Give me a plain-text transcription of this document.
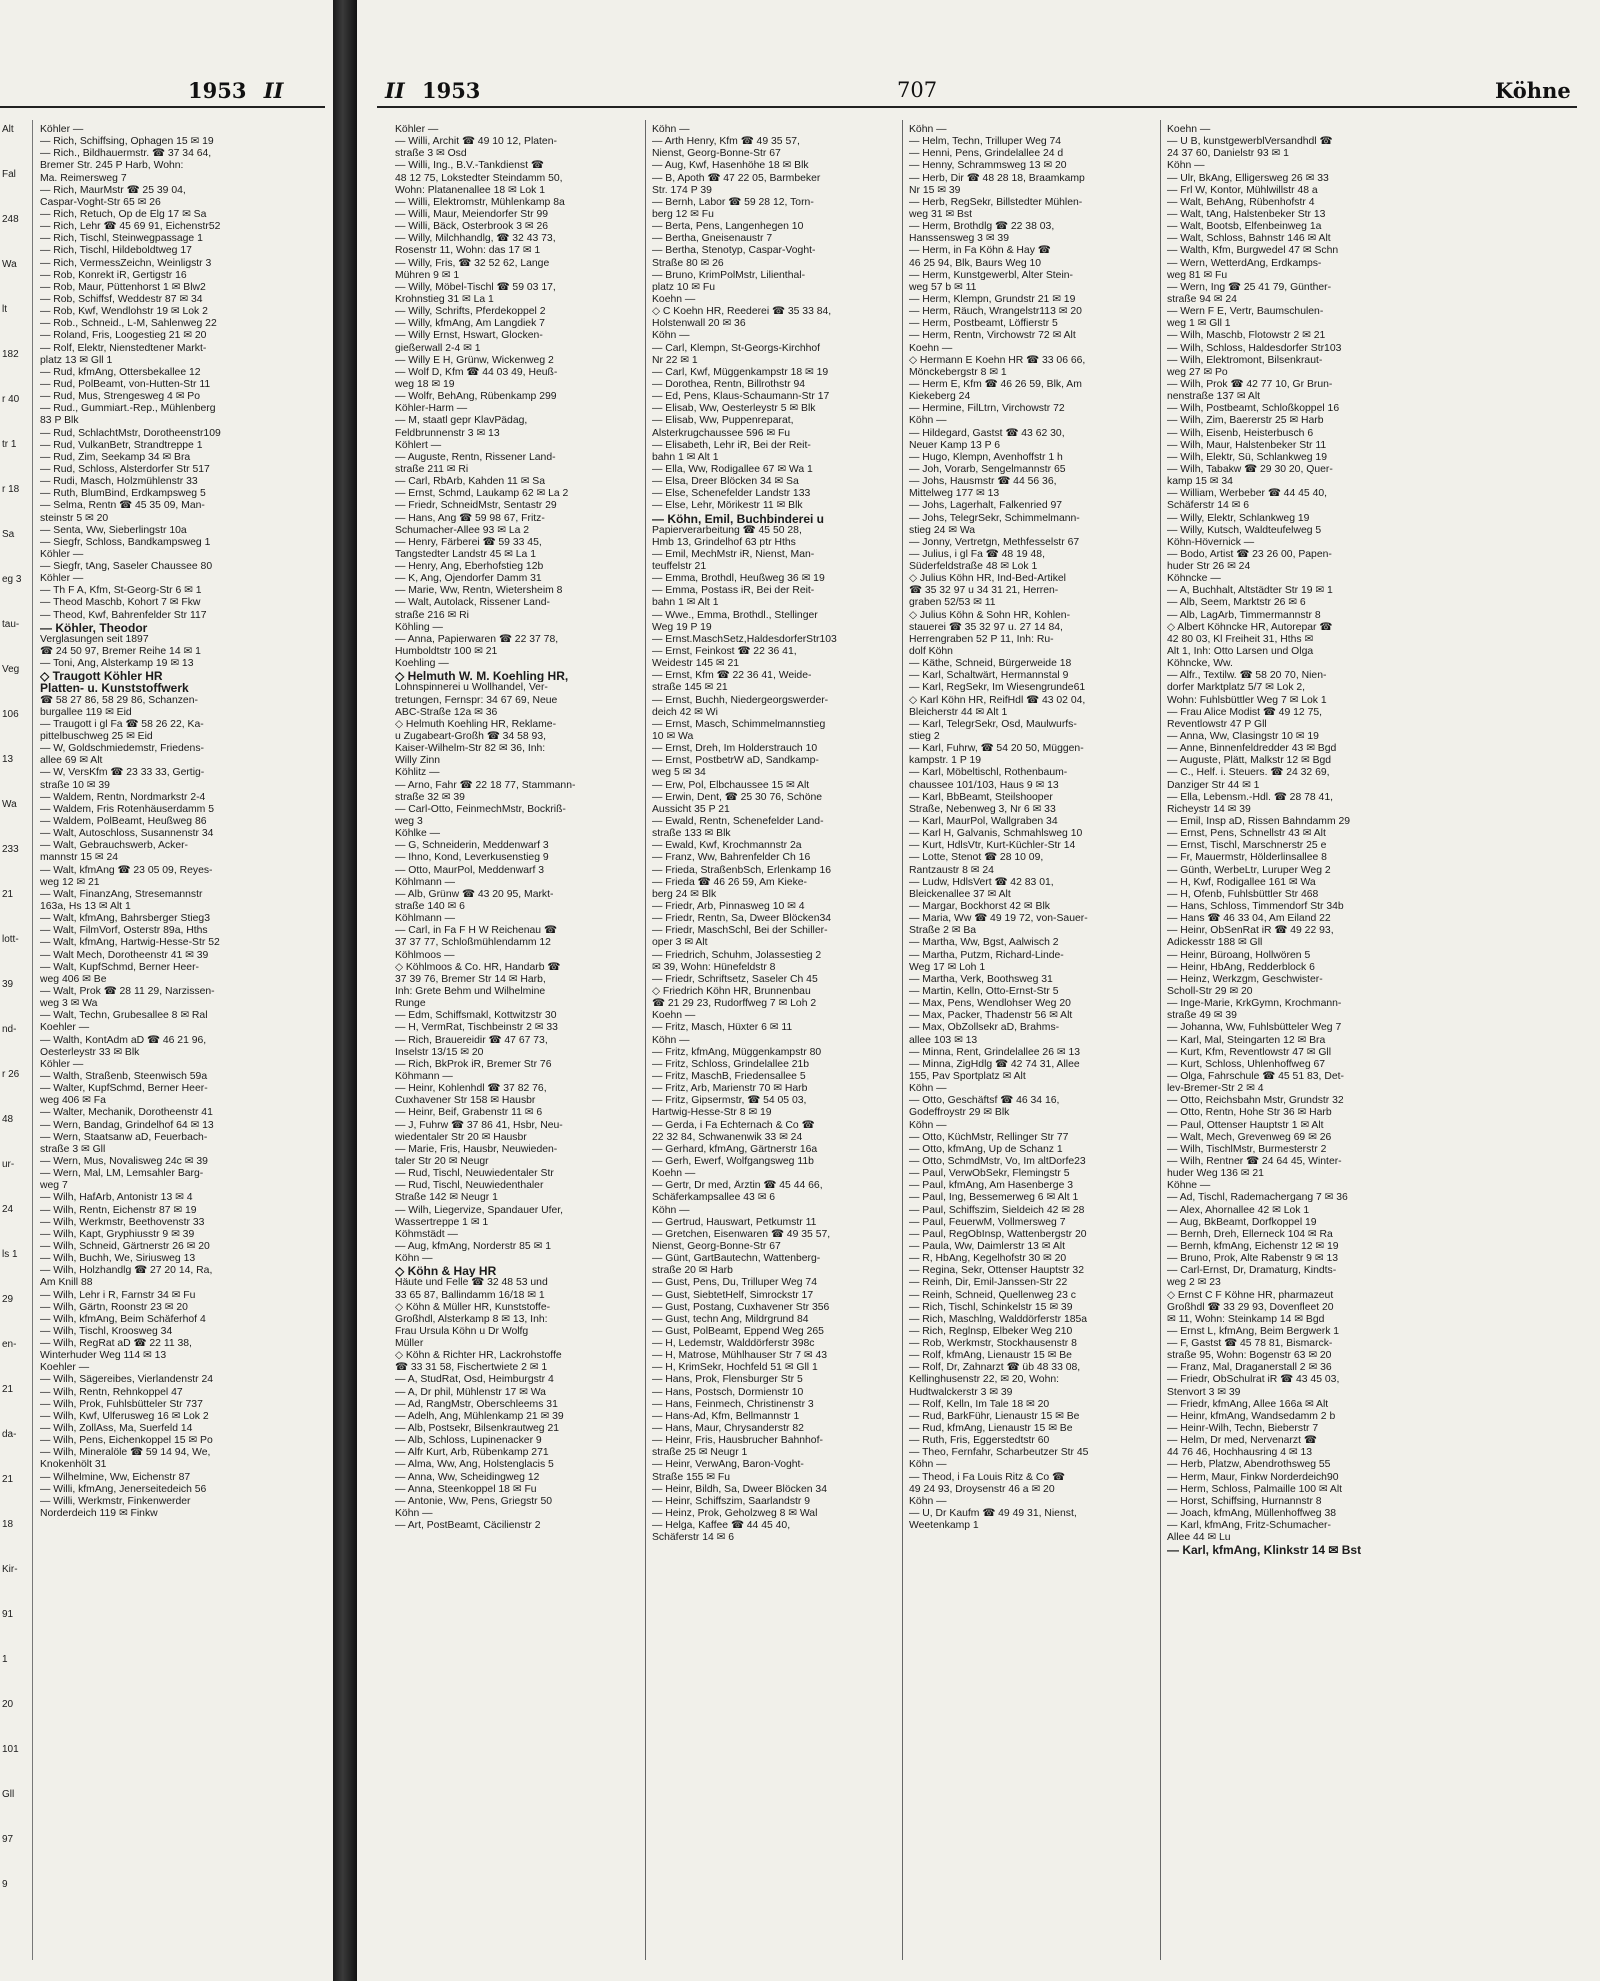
1953 II
Alt
Fal
248
Wa
lt
182
r 40
tr 1
r 18
Sa
eg 3
tau-
Veg
106
13
Wa
233
21
lott-
39
nd-
r 26
48
ur-
24
ls 1
29
en-
21
da-
21
18
Kir-
91
1
20
101
Gll
97
9
Köhler —
— Rich, Schiffsing, Ophagen 15 ✉ 19
— Rich., Bildhauermstr. ☎ 37 34 64,
Bremer Str. 245 P Harb, Wohn:
Ma. Reimersweg 7
— Rich, MaurMstr ☎ 25 39 04,
Caspar-Voght-Str 65 ✉ 26
— Rich, Retuch, Op de Elg 17 ✉ Sa
— Rich, Lehr ☎ 45 69 91, Eichenstr52
— Rich, Tischl, Steinwegpassage 1
— Rich, Tischl, Hildeboldtweg 17
— Rich, VermessZeichn, Weinligstr 3
— Rob, Konrekt iR, Gertigstr 16
— Rob, Maur, Püttenhorst 1 ✉ Blw2
— Rob, Schiffsf, Weddestr 87 ✉ 34
— Rob, Kwf, Wendlohstr 19 ✉ Lok 2
— Rob., Schneid., L-M, Sahlenweg 22
— Roland, Fris, Loogestieg 21 ✉ 20
— Rolf, Elektr, Nienstedtener Markt-
platz 13 ✉ Gll 1
— Rud, kfmAng, Ottersbekallee 12
— Rud, PolBeamt, von-Hutten-Str 11
— Rud, Mus, Strengesweg 4 ✉ Po
— Rud., Gummiart.-Rep., Mühlenberg
83 P Blk
— Rud, SchlachtMstr, Dorotheenstr109
— Rud, VulkanBetr, Strandtreppe 1
— Rud, Zim, Seekamp 34 ✉ Bra
— Rud, Schloss, Alsterdorfer Str 517
— Rudi, Masch, Holzmühlenstr 33
— Ruth, BlumBind, Erdkampsweg 5
— Selma, Rentn ☎ 45 35 09, Man-
steinstr 5 ✉ 20
— Senta, Ww, Sieberlingstr 10a
— Siegfr, Schloss, Bandkampsweg 1
Köhler —
— Siegfr, tAng, Saseler Chaussee 80
Köhler —
— Th F A, Kfm, St-Georg-Str 6 ✉ 1
— Theod Maschb, Kohort 7 ✉ Fkw
— Theod, Kwf, Bahrenfelder Str 117
— Köhler, Theodor
Verglasungen seit 1897
☎ 24 50 97, Bremer Reihe 14 ✉ 1
— Toni, Ang, Alsterkamp 19 ✉ 13
◇ Traugott Köhler HR
Platten- u. Kunststoffwerk
☎ 58 27 86, 58 29 86, Schanzen-
burgallee 119 ✉ Eid
— Traugott i gl Fa ☎ 58 26 22, Ka-
pittelbuschweg 25 ✉ Eid
— W, Goldschmiedemstr, Friedens-
allee 69 ✉ Alt
— W, VersKfm ☎ 23 33 33, Gertig-
straße 10 ✉ 39
— Waldem, Rentn, Nordmarkstr 2-4
— Waldem, Fris Rotenhäuserdamm 5
— Waldem, PolBeamt, Heußweg 86
— Walt, Autoschloss, Susannenstr 34
— Walt, Gebrauchswerb, Acker-
mannstr 15 ✉ 24
— Walt, kfmAng ☎ 23 05 09, Reyes-
weg 12 ✉ 21
— Walt, FinanzAng, Stresemannstr
163a, Hs 13 ✉ Alt 1
— Walt, kfmAng, Bahrsberger Stieg3
— Walt, FilmVorf, Osterstr 89a, Hths
— Walt, kfmAng, Hartwig-Hesse-Str 52
— Walt Mech, Dorotheenstr 41 ✉ 39
— Walt, KupfSchmd, Berner Heer-
weg 406 ✉ Be
— Walt, Prok ☎ 28 11 29, Narzissen-
weg 3 ✉ Wa
— Walt, Techn, Grubesallee 8 ✉ Ral
Koehler —
— Walth, KontAdm aD ☎ 46 21 96,
Oesterleystr 33 ✉ Blk
Köhler —
— Walth, Straßenb, Steenwisch 59a
— Walter, KupfSchmd, Berner Heer-
weg 406 ✉ Fa
— Walter, Mechanik, Dorotheenstr 41
— Wern, Bandag, Grindelhof 64 ✉ 13
— Wern, Staatsanw aD, Feuerbach-
straße 3 ✉ Gll
— Wern, Mus, Novalisweg 24c ✉ 39
— Wern, Mal, LM, Lemsahler Barg-
weg 7
— Wilh, HafArb, Antonistr 13 ✉ 4
— Wilh, Rentn, Eichenstr 87 ✉ 19
— Wilh, Werkmstr, Beethovenstr 33
— Wilh, Kapt, Gryphiusstr 9 ✉ 39
— Wilh, Schneid, Gärtnerstr 26 ✉ 20
— Wilh, Buchh, We, Siriusweg 13
— Wilh, Holzhandlg ☎ 27 20 14, Ra,
Am Knill 88
— Wilh, Lehr i R, Farnstr 34 ✉ Fu
— Wilh, Gärtn, Roonstr 23 ✉ 20
— Wilh, kfmAng, Beim Schäferhof 4
— Wilh, Tischl, Kroosweg 34
— Wilh, RegRat aD ☎ 22 11 38,
Winterhuder Weg 114 ✉ 13
Koehler —
— Wilh, Sägereibes, Vierlandenstr 24
— Wilh, Rentn, Rehnkoppel 47
— Wilh, Prok, Fuhlsbütteler Str 737
— Wilh, Kwf, Ulferusweg 16 ✉ Lok 2
— Wilh, ZollAss, Ma, Suerfeld 14
— Wilh, Pens, Eichenkoppel 15 ✉ Po
— Wilh, Mineralöle ☎ 59 14 94, We,
Knokenhölt 31
— Wilhelmine, Ww, Eichenstr 87
— Willi, kfmAng, Jenerseitedeich 56
— Willi, Werkmstr, Finkenwerder
Norderdeich 119 ✉ Finkw
II 1953	707	Köhne
Köhler —
— Willi, Archit ☎ 49 10 12, Platen-
straße 3 ✉ Osd
— Willi, Ing., B.V.-Tankdienst ☎
48 12 75, Lokstedter Steindamm 50,
Wohn: Platanenallee 18 ✉ Lok 1
— Willi, Elektromstr, Mühlenkamp 8a
— Willi, Maur, Meiendorfer Str 99
— Willi, Bäck, Osterbrook 3 ✉ 26
— Willy, Milchhandlg, ☎ 32 43 73,
Rosenstr 11, Wohn: das 17 ✉ 1
— Willy, Fris, ☎ 32 52 62, Lange
Mühren 9 ✉ 1
— Willy, Möbel-Tischl ☎ 59 03 17,
Krohnstieg 31 ✉ La 1
— Willy, Schrifts, Pferdekoppel 2
— Willy, kfmAng, Am Langdiek 7
— Willy Ernst, Hswart, Glocken-
gießerwall 2-4 ✉ 1
— Willy E H, Grünw, Wickenweg 2
— Wolf D, Kfm ☎ 44 03 49, Heuß-
weg 18 ✉ 19
— Wolfr, BehAng, Rübenkamp 299
Köhler-Harm —
— M, staatl gepr KlavPädag,
Feldbrunnenstr 3 ✉ 13
Köhlert —
— Auguste, Rentn, Rissener Land-
straße 211 ✉ Ri
— Carl, RbArb, Kahden 11 ✉ Sa
— Ernst, Schmd, Laukamp 62 ✉ La 2
— Friedr, SchneidMstr, Sentastr 29
— Hans, Ang ☎ 59 98 67, Fritz-
Schumacher-Allee 93 ✉ La 2
— Henry, Färberei ☎ 59 33 45,
Tangstedter Landstr 45 ✉ La 1
— Henry, Ang, Eberhofstieg 12b
— K, Ang, Ojendorfer Damm 31
— Marie, Ww, Rentn, Wietersheim 8
— Walt, Autolack, Rissener Land-
straße 216 ✉ Ri
Köhling —
— Anna, Papierwaren ☎ 22 37 78,
Humboldtstr 100 ✉ 21
Koehling —
◇ Helmuth W. M. Koehling HR,
Lohnspinnerei u Wollhandel, Ver-
tretungen, Fernspr: 34 67 69, Neue
ABC-Straße 12a ✉ 36
◇ Helmuth Koehling HR, Reklame-
u Zugabeart-Großh ☎ 34 58 93,
Kaiser-Wilhelm-Str 82 ✉ 36, Inh:
Willy Zinn
Köhlitz —
— Arno, Fahr ☎ 22 18 77, Stammann-
straße 32 ✉ 39
— Carl-Otto, FeinmechMstr, Bockriß-
weg 3
Köhlke —
— G, Schneiderin, Meddenwarf 3
— Ihno, Kond, Leverkusenstieg 9
— Otto, MaurPol, Meddenwarf 3
Köhlmann —
— Alb, Grünw ☎ 43 20 95, Markt-
straße 140 ✉ 6
Köhlmann —
— Carl, in Fa F H W Reichenau ☎
37 37 77, Schloßmühlendamm 12
Köhlmoos —
◇ Köhlmoos & Co. HR, Handarb ☎
37 39 76, Bremer Str 14 ✉ Harb,
Inh: Grete Behm und Wilhelmine
Runge
— Edm, Schiffsmakl, Kottwitzstr 30
— H, VermRat, Tischbeinstr 2 ✉ 33
— Rich, Brauereidir ☎ 47 67 73,
Inselstr 13/15 ✉ 20
— Rich, BkProk iR, Bremer Str 76
Köhmann —
— Heinr, Kohlenhdl ☎ 37 82 76,
Cuxhavener Str 158 ✉ Hausbr
— Heinr, Beif, Grabenstr 11 ✉ 6
— J, Fuhrw ☎ 37 86 41, Hsbr, Neu-
wiedentaler Str 20 ✉ Hausbr
— Marie, Fris, Hausbr, Neuwieden-
taler Str 20 ✉ Neugr
— Rud, Tischl, Neuwiedentaler Str
— Rud, Tischl, Neuwiedenthaler
Straße 142 ✉ Neugr 1
— Wilh, Liegervize, Spandauer Ufer,
Wassertreppe 1 ✉ 1
Köhmstädt —
— Aug, kfmAng, Norderstr 85 ✉ 1
Köhn —
◇ Köhn & Hay HR
Häute und Felle ☎ 32 48 53 und
33 65 87, Ballindamm 16/18 ✉ 1
◇ Köhn & Müller HR, Kunststoffe-
Großhdl, Alsterkamp 8 ✉ 13, Inh:
Frau Ursula Köhn u Dr Wolfg
Müller
◇ Köhn & Richter HR, Lackrohstoffe
☎ 33 31 58, Fischertwiete 2 ✉ 1
— A, StudRat, Osd, Heimburgstr 4
— A, Dr phil, Mühlenstr 17 ✉ Wa
— Ad, RangMstr, Oberschleems 31
— Adelh, Ang, Mühlenkamp 21 ✉ 39
— Alb, Postsekr, Bilsenkrautweg 21
— Alb, Schloss, Lupinenacker 9
— Alfr Kurt, Arb, Rübenkamp 271
— Alma, Ww, Ang, Holstenglacis 5
— Anna, Ww, Scheidingweg 12
— Anna, Steenkoppel 18 ✉ Fu
— Antonie, Ww, Pens, Griegstr 50
Köhn —
— Art, PostBeamt, Cäcilienstr 2
Köhn —
— Arth Henry, Kfm ☎ 49 35 57,
Nienst, Georg-Bonne-Str 67
— Aug, Kwf, Hasenhöhe 18 ✉ Blk
— B, Apoth ☎ 47 22 05, Barmbeker
Str. 174 P 39
— Bernh, Labor ☎ 59 28 12, Torn-
berg 12 ✉ Fu
— Berta, Pens, Langenhegen 10
— Bertha, Gneisenaustr 7
— Bertha, Stenotyp, Caspar-Voght-
Straße 80 ✉ 26
— Bruno, KrimPolMstr, Lilienthal-
platz 10 ✉ Fu
Koehn —
◇ C Koehn HR, Reederei ☎ 35 33 84,
Holstenwall 20 ✉ 36
Köhn —
— Carl, Klempn, St-Georgs-Kirchhof
Nr 22 ✉ 1
— Carl, Kwf, Müggenkampstr 18 ✉ 19
— Dorothea, Rentn, Billrothstr 94
— Ed, Pens, Klaus-Schaumann-Str 17
— Elisab, Ww, Oesterleystr 5 ✉ Blk
— Elisab, Ww, Puppenreparat,
Alsterkrugchaussee 596 ✉ Fu
— Elisabeth, Lehr iR, Bei der Reit-
bahn 1 ✉ Alt 1
— Ella, Ww, Rodigallee 67 ✉ Wa 1
— Elsa, Dreer Blöcken 34 ✉ Sa
— Else, Schenefelder Landstr 133
— Else, Lehr, Mörikestr 11 ✉ Blk
— Köhn, Emil, Buchbinderei u
Papierverarbeitung ☎ 45 50 28,
Hmb 13, Grindelhof 63 ptr Hths
— Emil, MechMstr iR, Nienst, Man-
teuffelstr 21
— Emma, Brothdl, Heußweg 36 ✉ 19
— Emma, Postass iR, Bei der Reit-
bahn 1 ✉ Alt 1
— Wwe., Emma, Brothdl., Stellinger
Weg 19 P 19
— Ernst.MaschSetz,HaldesdorferStr103
— Ernst, Feinkost ☎ 22 36 41,
Weidestr 145 ✉ 21
— Ernst, Kfm ☎ 22 36 41, Weide-
straße 145 ✉ 21
— Ernst, Buchh, Niedergeorgswerder-
deich 42 ✉ Wi
— Ernst, Masch, Schimmelmannstieg
10 ✉ Wa
— Ernst, Dreh, Im Holderstrauch 10
— Ernst, PostbetrW aD, Sandkamp-
weg 5 ✉ 34
— Erw, Pol, Elbchaussee 15 ✉ Alt
— Erwin, Dent, ☎ 25 30 76, Schöne
Aussicht 35 P 21
— Ewald, Rentn, Schenefelder Land-
straße 133 ✉ Blk
— Ewald, Kwf, Krochmannstr 2a
— Franz, Ww, Bahrenfelder Ch 16
— Frieda, StraßenbSch, Erlenkamp 16
— Frieda ☎ 46 26 59, Am Kieke-
berg 24 ✉ Blk
— Friedr, Arb, Pinnasweg 10 ✉ 4
— Friedr, Rentn, Sa, Dweer Blöcken34
— Friedr, MaschSchl, Bei der Schiller-
oper 3 ✉ Alt
— Friedrich, Schuhm, Jolassestieg 2
✉ 39, Wohn: Hünefeldstr 8
— Friedr, Schriftsetz, Saseler Ch 45
◇ Friedrich Köhn HR, Brunnenbau
☎ 21 29 23, Rudorffweg 7 ✉ Loh 2
Koehn —
— Fritz, Masch, Hüxter 6 ✉ 11
Köhn —
— Fritz, kfmAng, Müggenkampstr 80
— Fritz, Schloss, Grindelallee 21b
— Fritz, MaschB, Friedensallee 5
— Fritz, Arb, Marienstr 70 ✉ Harb
— Fritz, Gipsermstr, ☎ 54 05 03,
Hartwig-Hesse-Str 8 ✉ 19
— Gerda, i Fa Echternach & Co ☎
22 32 84, Schwanenwik 33 ✉ 24
— Gerhard, kfmAng, Gärtnerstr 16a
— Gerh, Ewerf, Wolfgangsweg 11b
Koehn —
— Gertr, Dr med, Ärztin ☎ 45 44 66,
Schäferkampsallee 43 ✉ 6
Köhn —
— Gertrud, Hauswart, Petkumstr 11
— Gretchen, Eisenwaren ☎ 49 35 57,
Nienst, Georg-Bonne-Str 67
— Günt, GartBautechn, Wattenberg-
straße 20 ✉ Harb
— Gust, Pens, Du, Trilluper Weg 74
— Gust, SiebtetHelf, Simrockstr 17
— Gust, Postang, Cuxhavener Str 356
— Gust, techn Ang, Mildrgrund 84
— Gust, PolBeamt, Eppend Weg 265
— H, Ledemstr, Walddörferstr 398c
— H, Matrose, Mühlhauser Str 7 ✉ 43
— H, KrimSekr, Hochfeld 51 ✉ Gll 1
— Hans, Prok, Flensburger Str 5
— Hans, Postsch, Dormienstr 10
— Hans, Feinmech, Christinenstr 3
— Hans-Ad, Kfm, Bellmannstr 1
— Hans, Maur, Chrysanderstr 82
— Heinr, Fris, Hausbrucher Bahnhof-
straße 25 ✉ Neugr 1
— Heinr, VerwAng, Baron-Voght-
Straße 155 ✉ Fu
— Heinr, Bildh, Sa, Dweer Blöcken 34
— Heinr, Schiffszim, Saarlandstr 9
— Heinz, Prok, Geholzweg 8 ✉ Wal
— Helga, Kaffee ☎ 44 45 40,
Schäferstr 14 ✉ 6
Köhn —
— Helm, Techn, Trilluper Weg 74
— Henni, Pens, Grindelallee 24 d
— Henny, Schrammsweg 13 ✉ 20
— Herb, Dir ☎ 48 28 18, Braamkamp
Nr 15 ✉ 39
— Herb, RegSekr, Billstedter Mühlen-
weg 31 ✉ Bst
— Herm, Brothdlg ☎ 22 38 03,
Hanssensweg 3 ✉ 39
— Herm, in Fa Köhn & Hay ☎
46 25 94, Blk, Baurs Weg 10
— Herm, Kunstgewerbl, Alter Stein-
weg 57 b ✉ 11
— Herm, Klempn, Grundstr 21 ✉ 19
— Herm, Räuch, Wrangelstr113 ✉ 20
— Herm, Postbeamt, Löffierstr 5
— Herm, Rentn, Virchowstr 72 ✉ Alt
Koehn —
◇ Hermann E Koehn HR ☎ 33 06 66,
Mönckebergstr 8 ✉ 1
— Herm E, Kfm ☎ 46 26 59, Blk, Am
Kiekeberg 24
— Hermine, FilLtrn, Virchowstr 72
Köhn —
— Hildegard, Gastst ☎ 43 62 30,
Neuer Kamp 13 P 6
— Hugo, Klempn, Avenhoffstr 1 h
— Joh, Vorarb, Sengelmannstr 65
— Johs, Hausmstr ☎ 44 56 36,
Mittelweg 177 ✉ 13
— Johs, Lagerhalt, Falkenried 97
— Johs, TelegrSekr, Schimmelmann-
stieg 24 ✉ Wa
— Jonny, Vertretgn, Methfesselstr 67
— Julius, i gl Fa ☎ 48 19 48,
Süderfeldstraße 48 ✉ Lok 1
◇ Julius Köhn HR, Ind-Bed-Artikel
☎ 35 32 97 u 34 31 21, Herren-
graben 52/53 ✉ 11
◇ Julius Köhn & Sohn HR, Kohlen-
stauerei ☎ 35 32 97 u. 27 14 84,
Herrengraben 52 P 11, Inh: Ru-
dolf Köhn
— Käthe, Schneid, Bürgerweide 18
— Karl, Schaltwärt, Hermannstal 9
— Karl, RegSekr, Im Wiesengrunde61
◇ Karl Köhn HR, ReifHdl ☎ 43 02 04,
Bleicherstr 44 ✉ Alt 1
— Karl, TelegrSekr, Osd, Maulwurfs-
stieg 2
— Karl, Fuhrw, ☎ 54 20 50, Müggen-
kampstr. 1 P 19
— Karl, Möbeltischl, Rothenbaum-
chaussee 101/103, Haus 9 ✉ 13
— Karl, BbBeamt, Steilshooper
Straße, Nebenweg 3, Nr 6 ✉ 33
— Karl, MaurPol, Wallgraben 34
— Karl H, Galvanis, Schmahlsweg 10
— Kurt, HdlsVtr, Kurt-Küchler-Str 14
— Lotte, Stenot ☎ 28 10 09,
Rantzaustr 8 ✉ 24
— Ludw, HdlsVert ☎ 42 83 01,
Bleickenallee 37 ✉ Alt
— Margar, Bockhorst 42 ✉ Blk
— Maria, Ww ☎ 49 19 72, von-Sauer-
Straße 2 ✉ Ba
— Martha, Ww, Bgst, Aalwisch 2
— Martha, Putzm, Richard-Linde-
Weg 17 ✉ Loh 1
— Martha, Verk, Boothsweg 31
— Martin, Kelln, Otto-Ernst-Str 5
— Max, Pens, Wendlohser Weg 20
— Max, Packer, Thadenstr 56 ✉ Alt
— Max, ObZollsekr aD, Brahms-
allee 103 ✉ 13
— Minna, Rent, Grindelallee 26 ✉ 13
— Minna, ZigHdlg ☎ 42 74 31, Allee
155, Pav Sportplatz ✉ Alt
Köhn —
— Otto, Geschäftsf ☎ 46 34 16,
Godeffroystr 29 ✉ Blk
Köhn —
— Otto, KüchMstr, Rellinger Str 77
— Otto, kfmAng, Up de Schanz 1
— Otto, SchmdMstr, Vo, Im altDorfe23
— Paul, VerwObSekr, Flemingstr 5
— Paul, kfmAng, Am Hasenberge 3
— Paul, Ing, Bessemerweg 6 ✉ Alt 1
— Paul, Schiffszim, Sieldeich 42 ✉ 28
— Paul, FeuerwM, Vollmersweg 7
— Paul, RegObInsp, Wattenbergstr 20
— Paula, Ww, Daimlerstr 13 ✉ Alt
— R, HbAng, Kegelhofstr 30 ✉ 20
— Regina, Sekr, Ottenser Hauptstr 32
— Reinh, Dir, Emil-Janssen-Str 22
— Reinh, Schneid, Quellenweg 23 c
— Rich, Tischl, Schinkelstr 15 ✉ 39
— Rich, Maschlng, Walddörferstr 185a
— Rich, Reglnsp, Elbeker Weg 210
— Rob, Werkmstr, Stockhausenstr 8
— Rolf, kfmAng, Lienaustr 15 ✉ Be
— Rolf, Dr, Zahnarzt ☎ üb 48 33 08,
Kellinghusenstr 22, ✉ 20, Wohn:
Hudtwalckerstr 3 ✉ 39
— Rolf, Kelln, Im Tale 18 ✉ 20
— Rud, BarkFühr, Lienaustr 15 ✉ Be
— Rud, kfmAng, Lienaustr 15 ✉ Be
— Ruth, Fris, Eggerstedtstr 60
— Theo, Fernfahr, Scharbeutzer Str 45
Köhn —
— Theod, i Fa Louis Ritz & Co ☎
49 24 93, Droysenstr 46 a ✉ 20
Köhn —
— U, Dr Kaufm ☎ 49 49 31, Nienst,
Weetenkamp 1
Koehn —
— U B, kunstgewerblVersandhdl ☎
24 37 60, Danielstr 93 ✉ 1
Köhn —
— Ulr, BkAng, Elligersweg 26 ✉ 33
— Frl W, Kontor, Mühlwillstr 48 a
— Walt, BehAng, Rübenhofstr 4
— Walt, tAng, Halstenbeker Str 13
— Walt, Bootsb, Elfenbeinweg 1a
— Walt, Schloss, Bahnstr 146 ✉ Alt
— Walth, Kfm, Burgwedel 47 ✉ Schn
— Wern, WetterdAng, Erdkamps-
weg 81 ✉ Fu
— Wern, Ing ☎ 25 41 79, Günther-
straße 94 ✉ 24
— Wern F E, Vertr, Baumschulen-
weg 1 ✉ Gll 1
— Wilh, Maschb, Flotowstr 2 ✉ 21
— Wilh, Schloss, Haldesdorfer Str103
— Wilh, Elektromont, Bilsenkraut-
weg 27 ✉ Po
— Wilh, Prok ☎ 42 77 10, Gr Brun-
nenstraße 137 ✉ Alt
— Wilh, Postbeamt, Schloßkoppel 16
— Wilh, Zim, Baererstr 25 ✉ Harb
— Wilh, Eisenb, Heisterbusch 6
— Wilh, Maur, Halstenbeker Str 11
— Wilh, Elektr, Sü, Schlankweg 19
— Wilh, Tabakw ☎ 29 30 20, Quer-
kamp 15 ✉ 34
— William, Werbeber ☎ 44 45 40,
Schäferstr 14 ✉ 6
— Willy, Elektr, Schlankweg 19
— Willy, Kutsch, Waldteufelweg 5
Köhn-Hövernick —
— Bodo, Artist ☎ 23 26 00, Papen-
huder Str 26 ✉ 24
Köhncke —
— A, Buchhalt, Altstädter Str 19 ✉ 1
— Alb, Seem, Marktstr 26 ✉ 6
— Alb, LagArb, Timmermannstr 8
◇ Albert Köhncke HR, Autorepar ☎
42 80 03, Kl Freiheit 31, Hths ✉
Alt 1, Inh: Otto Larsen und Olga
Köhncke, Ww.
— Alfr., Textilw. ☎ 58 20 70, Nien-
dorfer Marktplatz 5/7 ✉ Lok 2,
Wohn: Fuhlsbüttler Weg 7 ✉ Lok 1
— Frau Alice Modist ☎ 49 12 75,
Reventlowstr 47 P Gll
— Anna, Ww, Clasingstr 10 ✉ 19
— Anne, Binnenfeldredder 43 ✉ Bgd
— Auguste, Plätt, Malkstr 12 ✉ Bgd
— C., Helf. i. Steuers. ☎ 24 32 69,
Danziger Str 44 ✉ 1
— Ella, Lebensm.-Hdl. ☎ 28 78 41,
Richeystr 14 ✉ 39
— Emil, Insp aD, Rissen Bahndamm 29
— Ernst, Pens, Schnellstr 43 ✉ Alt
— Ernst, Tischl, Marschnerstr 25 e
— Fr, Mauermstr, Hölderlinsallee 8
— Günth, WerbeLtr, Luruper Weg 2
— H, Kwf, Rodigallee 161 ✉ Wa
— H, Ofenb, Fuhlsbüttler Str 468
— Hans, Schloss, Timmendorf Str 34b
— Hans ☎ 46 33 04, Am Eiland 22
— Heinr, ObSenRat iR ☎ 49 22 93,
Adickesstr 188 ✉ Gll
— Heinr, Büroang, Hollwören 5
— Heinr, HbAng, Redderblock 6
— Heinz, Werkzgm, Geschwister-
Scholl-Str 29 ✉ 20
— Inge-Marie, KrkGymn, Krochmann-
straße 49 ✉ 39
— Johanna, Ww, Fuhlsbütteler Weg 7
— Karl, Mal, Steingarten 12 ✉ Bra
— Kurt, Kfm, Reventlowstr 47 ✉ Gll
— Kurt, Schloss, Uhlenhoffweg 67
— Olga, Fahrschule ☎ 45 51 83, Det-
lev-Bremer-Str 2 ✉ 4
— Otto, Reichsbahn Mstr, Grundstr 32
— Otto, Rentn, Hohe Str 36 ✉ Harb
— Paul, Ottenser Hauptstr 1 ✉ Alt
— Walt, Mech, Grevenweg 69 ✉ 26
— Wilh, TischlMstr, Burmesterstr 2
— Wilh, Rentner ☎ 24 64 45, Winter-
huder Weg 136 ✉ 21
Köhne —
— Ad, Tischl, Rademachergang 7 ✉ 36
— Alex, Ahornallee 42 ✉ Lok 1
— Aug, BkBeamt, Dorfkoppel 19
— Bernh, Dreh, Ellerneck 104 ✉ Ra
— Bernh, kfmAng, Eichenstr 12 ✉ 19
— Bruno, Prok, Alte Rabenstr 9 ✉ 13
— Carl-Ernst, Dr, Dramaturg, Kindts-
weg 2 ✉ 23
◇ Ernst C F Köhne HR, pharmazeut
Großhdl ☎ 33 29 93, Dovenfleet 20
✉ 11, Wohn: Steinkamp 14 ✉ Bgd
— Ernst L, kfmAng, Beim Bergwerk 1
— F, Gastst ☎ 45 78 81, Bismarck-
straße 95, Wohn: Bogenstr 63 ✉ 20
— Franz, Mal, Draganerstall 2 ✉ 36
— Friedr, ObSchulrat iR ☎ 43 45 03,
Stenvort 3 ✉ 39
— Friedr, kfmAng, Allee 166a ✉ Alt
— Heinr, kfmAng, Wandsedamm 2 b
— Heinr-Wilh, Techn, Bieberstr 7
— Helm, Dr med, Nervenarzt ☎
44 76 46, Hochhausring 4 ✉ 13
— Herb, Platzw, Abendrothsweg 55
— Herm, Maur, Finkw Norderdeich90
— Herm, Schloss, Palmaille 100 ✉ Alt
— Horst, Schiffsing, Hurnannstr 8
— Joach, kfmAng, Müllenhoffweg 38
— Karl, kfmAng, Fritz-Schumacher-
Allee 44 ✉ Lu
— Karl, kfmAng, Klinkstr 14 ✉ Bst
